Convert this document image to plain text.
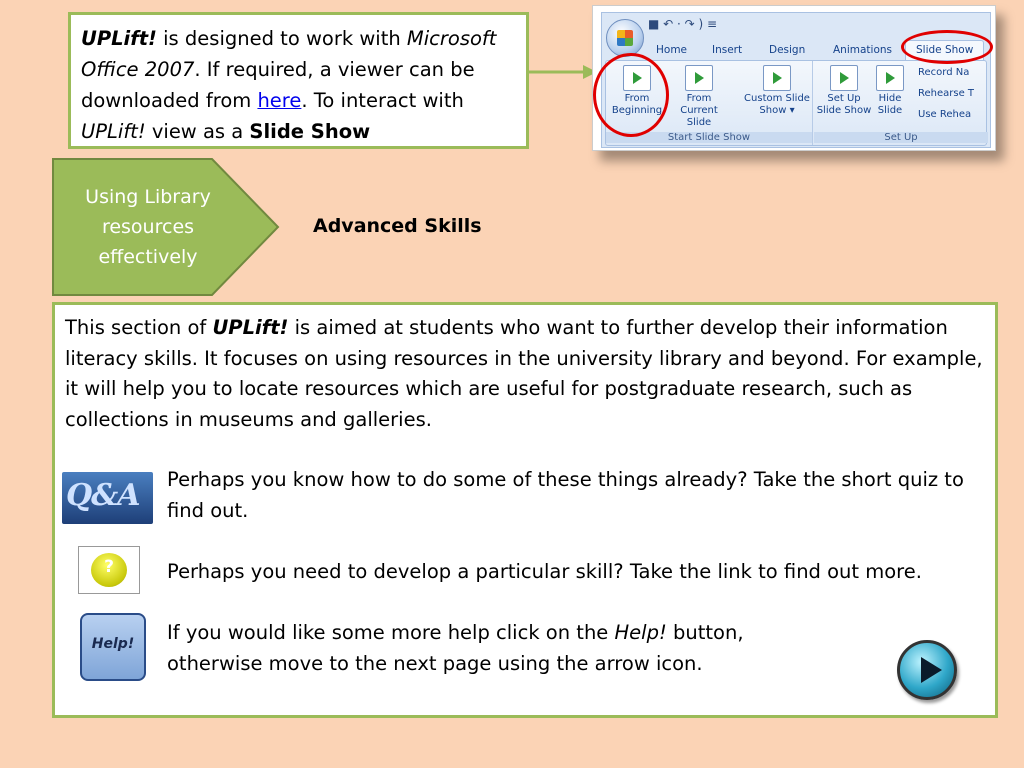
UPLift! is designed to work with Microsoft Office 2007. If required, a viewer can be downloaded from here. To interact with UPLift! view as a Slide Show
■ ↶ · ↷ ) ≡
Home Insert	Design	Animations	Slide Show
From Beginning
From Current Slide
Custom Slide Show ▾
Start Slide Show
Set Up Slide Show
Hide Slide
Record Na
Rehearse T
Use Rehea
Set Up
Using Library resources effectively
Advanced Skills
This section of UPLift! is aimed at students who want to further develop their information literacy skills. It focuses on using resources in the university library and beyond. For example, it will help you to locate resources which are useful for postgraduate research, such as collections in museums and galleries.
Q&A Perhaps you know how to do some of these things already? Take the short quiz to find out.
?	Perhaps you need to develop a particular skill? Take the link to find out more.
Help!	If you would like some more help click on the Help! button,
otherwise move to the next page using the arrow icon.
